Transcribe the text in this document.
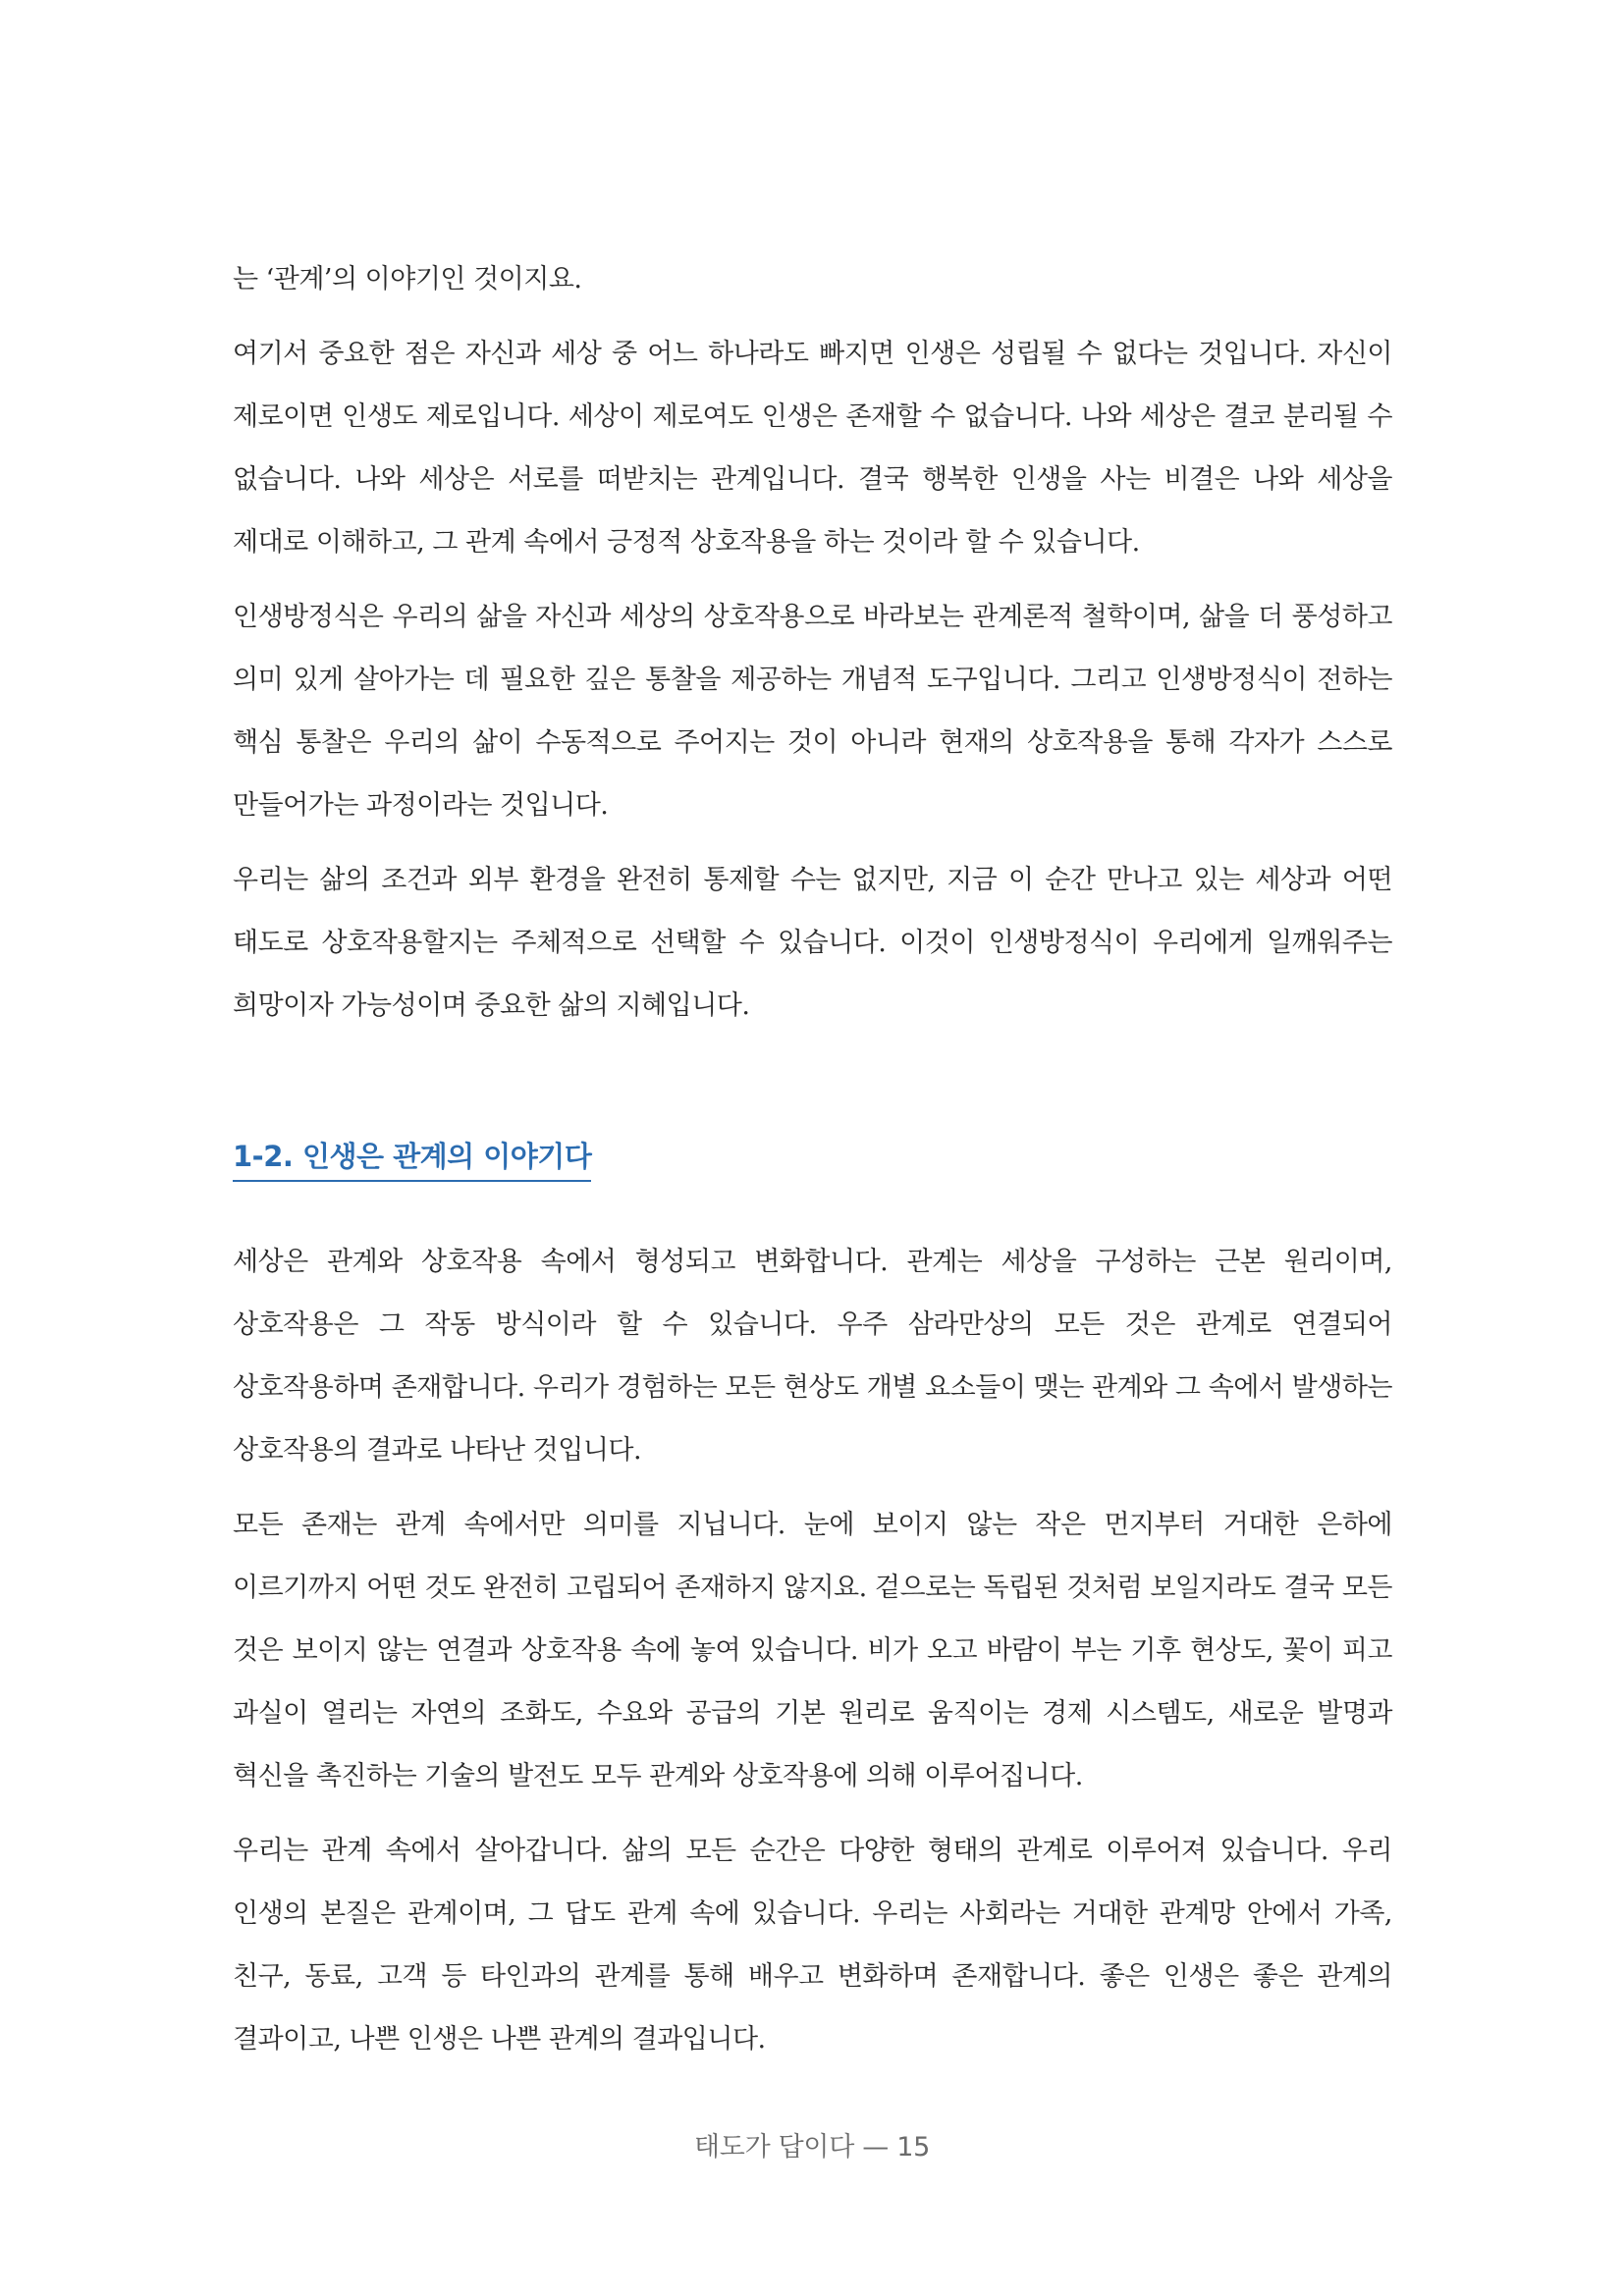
는 ‘관계’의 이야기인 것이지요.

여기서 중요한 점은 자신과 세상 중 어느 하나라도 빠지면 인생은 성립될 수 없다는 것입니다. 자신이 제로이면 인생도 제로입니다. 세상이 제로여도 인생은 존재할 수 없습니다. 나와 세상은 결코 분리될 수 없습니다. 나와 세상은 서로를 떠받치는 관계입니다. 결국 행복한 인생을 사는 비결은 나와 세상을 제대로 이해하고, 그 관계 속에서 긍정적 상호작용을 하는 것이라 할 수 있습니다.

인생방정식은 우리의 삶을 자신과 세상의 상호작용으로 바라보는 관계론적 철학이며, 삶을 더 풍성하고 의미 있게 살아가는 데 필요한 깊은 통찰을 제공하는 개념적 도구입니다. 그리고 인생방정식이 전하는 핵심 통찰은 우리의 삶이 수동적으로 주어지는 것이 아니라 현재의 상호작용을 통해 각자가 스스로 만들어가는 과정이라는 것입니다.

우리는 삶의 조건과 외부 환경을 완전히 통제할 수는 없지만, 지금 이 순간 만나고 있는 세상과 어떤 태도로 상호작용할지는 주체적으로 선택할 수 있습니다. 이것이 인생방정식이 우리에게 일깨워주는 희망이자 가능성이며 중요한 삶의 지혜입니다.

1-2. 인생은 관계의 이야기다

세상은 관계와 상호작용 속에서 형성되고 변화합니다. 관계는 세상을 구성하는 근본 원리이며, 상호작용은 그 작동 방식이라 할 수 있습니다. 우주 삼라만상의 모든 것은 관계로 연결되어 상호작용하며 존재합니다. 우리가 경험하는 모든 현상도 개별 요소들이 맺는 관계와 그 속에서 발생하는 상호작용의 결과로 나타난 것입니다.

모든 존재는 관계 속에서만 의미를 지닙니다. 눈에 보이지 않는 작은 먼지부터 거대한 은하에 이르기까지 어떤 것도 완전히 고립되어 존재하지 않지요. 겉으로는 독립된 것처럼 보일지라도 결국 모든 것은 보이지 않는 연결과 상호작용 속에 놓여 있습니다. 비가 오고 바람이 부는 기후 현상도, 꽃이 피고 과실이 열리는 자연의 조화도, 수요와 공급의 기본 원리로 움직이는 경제 시스템도, 새로운 발명과 혁신을 촉진하는 기술의 발전도 모두 관계와 상호작용에 의해 이루어집니다.

우리는 관계 속에서 살아갑니다. 삶의 모든 순간은 다양한 형태의 관계로 이루어져 있습니다. 우리 인생의 본질은 관계이며, 그 답도 관계 속에 있습니다. 우리는 사회라는 거대한 관계망 안에서 가족, 친구, 동료, 고객 등 타인과의 관계를 통해 배우고 변화하며 존재합니다. 좋은 인생은 좋은 관계의 결과이고, 나쁜 인생은 나쁜 관계의 결과입니다.

태도가 답이다 — 15
